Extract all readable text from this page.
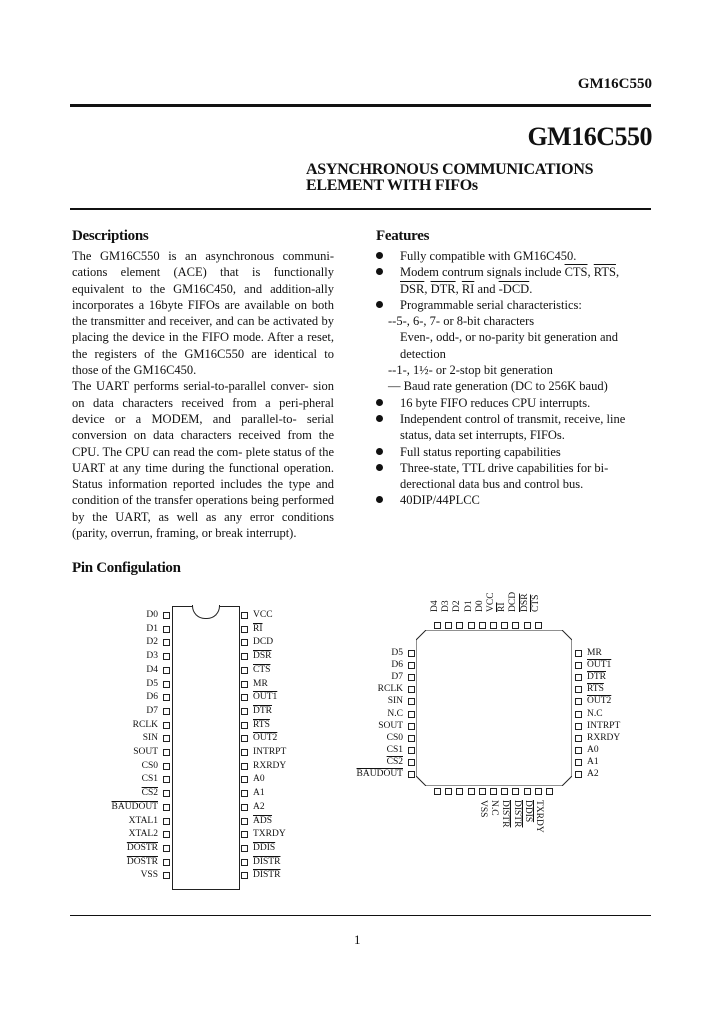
GM16C550
GM16C550
ASYNCHRONOUS COMMUNICATIONS
ELEMENT WITH FIFOs
Descriptions

The GM16C550 is an asynchronous communi-cations element (ACE) that is functionally equivalent to the GM16C450, and addition-ally incorporates a 16byte FIFOs are available on both the transmitter and receiver, and can be activated by placing the device in the FIFO mode. After a reset, the registers of the GM16C550 are identical to those of the GM16C450.

The UART performs serial-to-parallel conver- sion on data characters received from a peri-pheral device or a MODEM, and parallel-to- serial conversion on data characters received from the CPU. The CPU can read the com- plete status of the UART at any time during the functional operation. Status information reported includes the type and condition of the transfer operations being performed by the UART, as well as any error conditions (parity, overrun, framing, or break interrupt).

Features
Fully compatible with GM16C450.
Modem contrum signals include $\overline{CTS}$, $\overline{RTS}$,
$\overline{DSR}$, $\overline{DTR}$, $\overline{RI}$ and -DCD.
Programmable serial characteristics:
--5-, 6-, 7- or 8-bit characters
Even-, odd-, or no-parity bit generation and detection
--1-, 1½- or 2-stop bit generation
— Baud rate generation (DC to 256K baud)
16 byte FIFO reduces CPU interrupts.
Independent control of transmit, receive, line status, data set interrupts, FIFOs.
Full status reporting capabilities
Three-state, TTL drive capabilities for bi-derectional data bus and control bus.
40DIP/44PLCC
Pin Configulation
D0
D1
D2
D3
D4
D5
D6
D7
RCLK
SIN
SOUT
CS0
CS1
CS2
BAUDOUT
XTAL1
XTAL2
DOSTR
DOSTR
VSS
VCC
$\overline{RI}$
DCD
$\overline{DSR}$
$\overline{CTS}$
MR
OUT1
$\overline{DTR}$
$\overline{RTS}$
OUT2
INTRPT
RXRDY
A0
A1
A2
$\overline{ADS}$
TXRDY
DDIS
DISTR
DISTR
D4 D3 D2 D1 D0 VCC $\overline{RI}$ DCD $\overline{DSR}$ $\overline{CTS}$
D5
D6
D7
RCLK
SIN
N.C
SOUT
CS0
CS1
CS2
BAUDOUT
MR
OUT1
$\overline{DTR}$
$\overline{RTS}$
OUT2
N.C
INTRPT
RXRDY
A0
A1
A2
VSS N.C DISTR DISTR DDIS TXRDY
1
